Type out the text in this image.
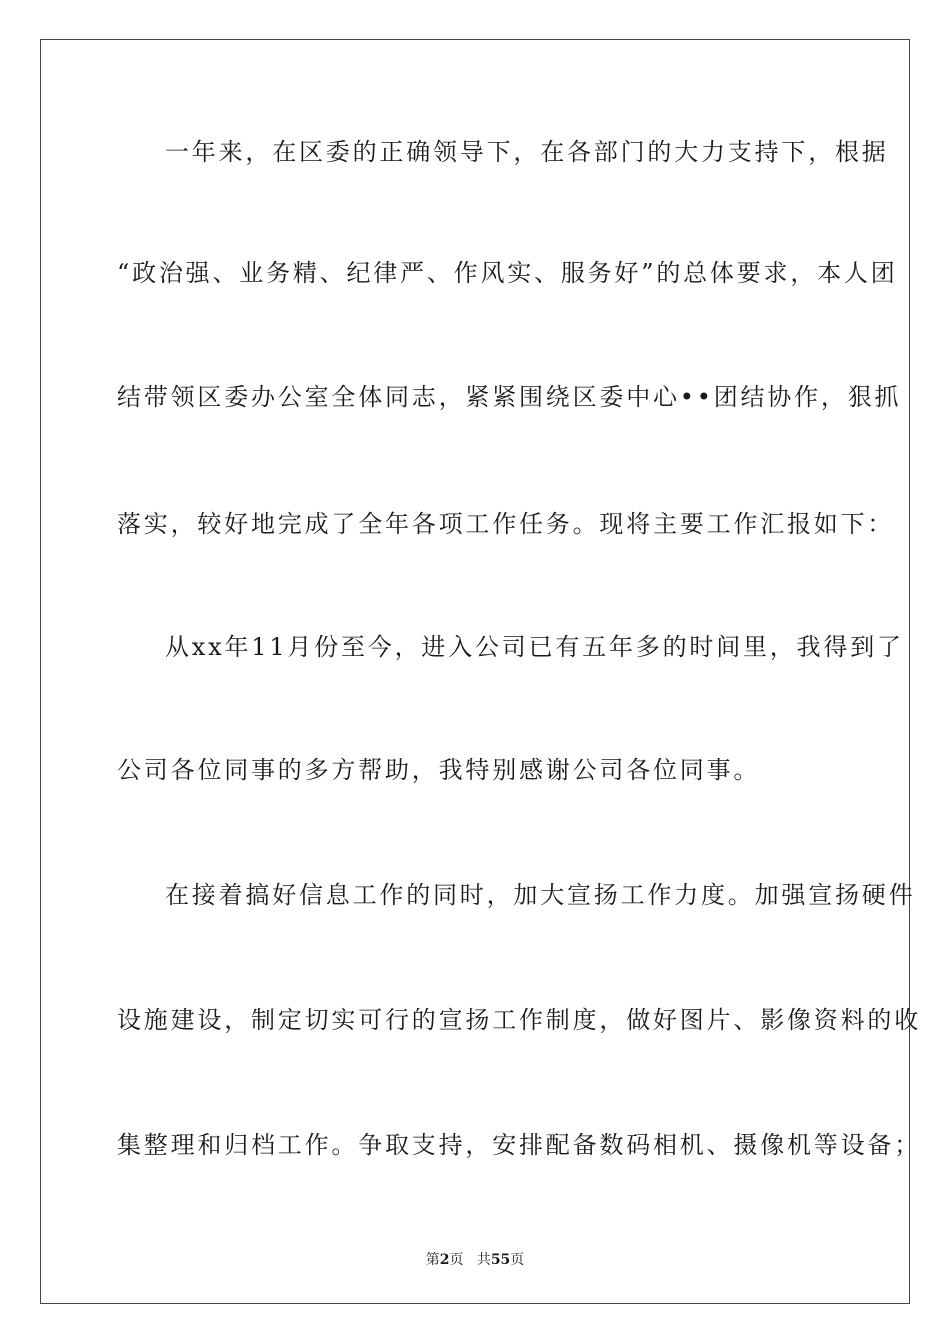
一年来，在区委的正确领导下，在各部门的大力支持下，根据
“政治强、业务精、纪律严、作风实、服务好”的总体要求，本人团
结带领区委办公室全体同志，紧紧围绕区委中心••团结协作，狠抓
落实，较好地完成了全年各项工作任务。现将主要工作汇报如下：
从xx年11月份至今，进入公司已有五年多的时间里，我得到了
公司各位同事的多方帮助，我特别感谢公司各位同事。
在接着搞好信息工作的同时，加大宣扬工作力度。加强宣扬硬件
设施建设，制定切实可行的宣扬工作制度，做好图片、影像资料的收
集整理和归档工作。争取支持，安排配备数码相机、摄像机等设备；
第2页 共55页
